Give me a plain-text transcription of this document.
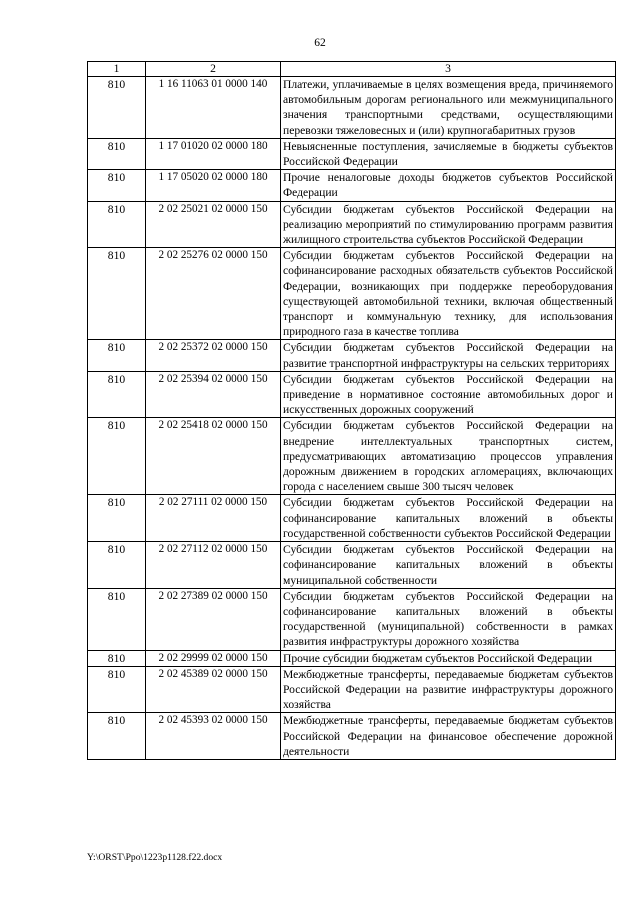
62
1	2	3
810	1 16 11063 01 0000 140	Платежи, уплачиваемые в целях возмещения вреда, причиняемого автомобильным дорогам регионального или межмуниципального значения транспортными средствами, осуществляющими перевозки тяжеловесных и (или) крупногабаритных грузов
810	1 17 01020 02 0000 180	Невыясненные поступления, зачисляемые в бюджеты субъектов Российской Федерации
810	1 17 05020 02 0000 180	Прочие неналоговые доходы бюджетов субъектов Российской Федерации
810	2 02 25021 02 0000 150	Субсидии бюджетам субъектов Российской Федерации на реализацию мероприятий по стимулированию программ развития жилищного строительства субъектов Российской Федерации
810	2 02 25276 02 0000 150	Субсидии бюджетам субъектов Российской Федерации на софинансирование расходных обязательств субъектов Российской Федерации, возникающих при поддержке переоборудования существующей автомобильной техники, включая общественный транспорт и коммунальную технику, для использования природного газа в качестве топлива
810	2 02 25372 02 0000 150	Субсидии бюджетам субъектов Российской Федерации на развитие транспортной инфраструктуры на сельских территориях
810	2 02 25394 02 0000 150	Субсидии бюджетам субъектов Российской Федерации на приведение в нормативное состояние автомобильных дорог и искусственных дорожных сооружений
810	2 02 25418 02 0000 150	Субсидии бюджетам субъектов Российской Федерации на внедрение интеллектуальных транспортных систем, предусматривающих автоматизацию процессов управления дорожным движением в городских агломерациях, включающих города с населением свыше 300 тысяч человек
810	2 02 27111 02 0000 150	Субсидии бюджетам субъектов Российской Федерации на софинансирование капитальных вложений в объекты государственной собственности субъектов Российской Федерации
810	2 02 27112 02 0000 150	Субсидии бюджетам субъектов Российской Федерации на софинансирование капитальных вложений в объекты муниципальной собственности
810	2 02 27389 02 0000 150	Субсидии бюджетам субъектов Российской Федерации на софинансирование капитальных вложений в объекты государственной (муниципальной) собственности в рамках развития инфраструктуры дорожного хозяйства
810	2 02 29999 02 0000 150	Прочие субсидии бюджетам субъектов Российской Федерации
810	2 02 45389 02 0000 150	Межбюджетные трансферты, передаваемые бюджетам субъектов Российской Федерации на развитие инфраструктуры дорожного хозяйства
810	2 02 45393 02 0000 150	Межбюджетные трансферты, передаваемые бюджетам субъектов Российской Федерации на финансовое обеспечение дорожной деятельности
Y:\ORST\Ppo\1223p1128.f22.docx
